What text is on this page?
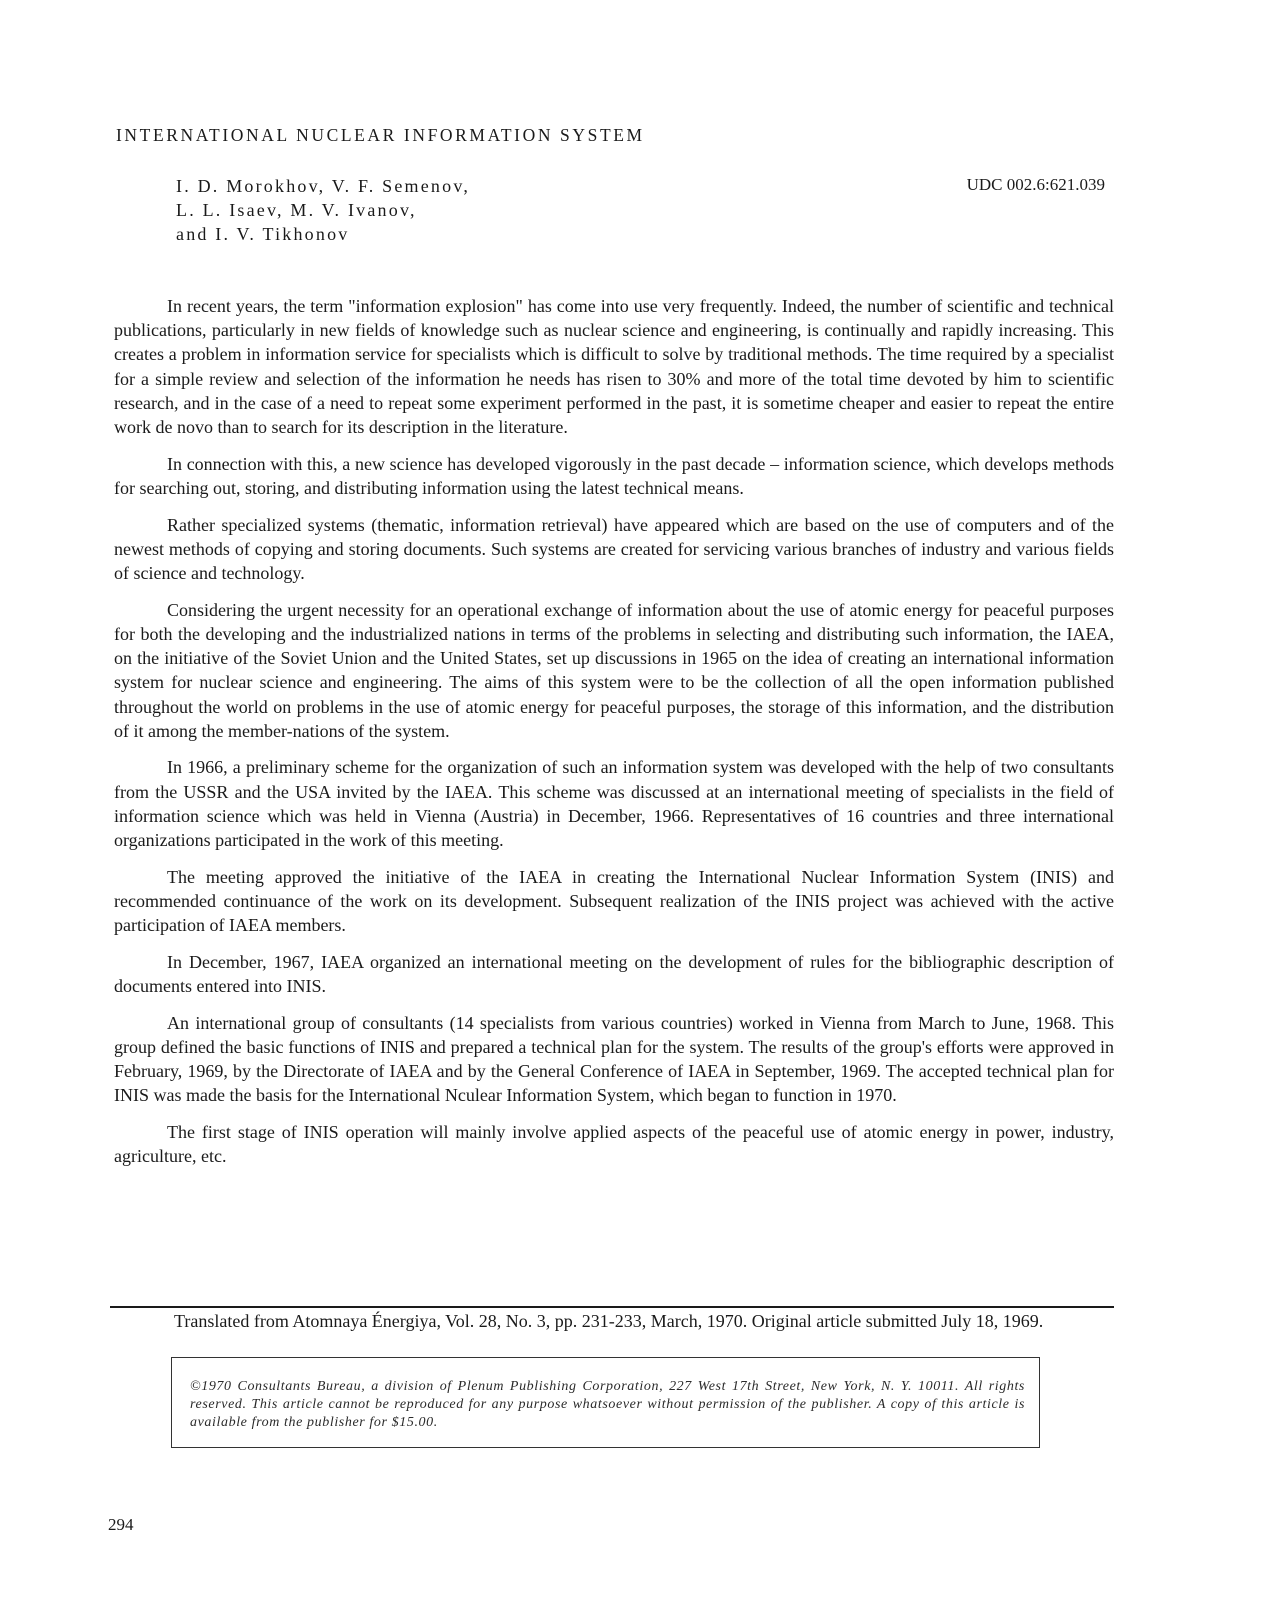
INTERNATIONAL NUCLEAR INFORMATION SYSTEM
I. D. Morokhov, V. F. Semenov,
L. L. Isaev, M. V. Ivanov,
and I. V. Tikhonov
UDC 002.6:621.039

In recent years, the term "information explosion" has come into use very frequently. Indeed, the number of scientific and technical publications, particularly in new fields of knowledge such as nuclear science and engineering, is continually and rapidly increasing. This creates a problem in information service for specialists which is difficult to solve by traditional methods. The time required by a specialist for a simple review and selection of the information he needs has risen to 30% and more of the total time devoted by him to scientific research, and in the case of a need to repeat some experiment performed in the past, it is sometime cheaper and easier to repeat the entire work de novo than to search for its description in the literature.

In connection with this, a new science has developed vigorously in the past decade – information science, which develops methods for searching out, storing, and distributing information using the latest technical means.

Rather specialized systems (thematic, information retrieval) have appeared which are based on the use of computers and of the newest methods of copying and storing documents. Such systems are created for servicing various branches of industry and various fields of science and technology.

Considering the urgent necessity for an operational exchange of information about the use of atomic energy for peaceful purposes for both the developing and the industrialized nations in terms of the problems in selecting and distributing such information, the IAEA, on the initiative of the Soviet Union and the United States, set up discussions in 1965 on the idea of creating an international information system for nuclear science and engineering. The aims of this system were to be the collection of all the open information published throughout the world on problems in the use of atomic energy for peaceful purposes, the storage of this information, and the distribution of it among the member-nations of the system.

In 1966, a preliminary scheme for the organization of such an information system was developed with the help of two consultants from the USSR and the USA invited by the IAEA. This scheme was discussed at an international meeting of specialists in the field of information science which was held in Vienna (Austria) in December, 1966. Representatives of 16 countries and three international organizations participated in the work of this meeting.

The meeting approved the initiative of the IAEA in creating the International Nuclear Information System (INIS) and recommended continuance of the work on its development. Subsequent realization of the INIS project was achieved with the active participation of IAEA members.

In December, 1967, IAEA organized an international meeting on the development of rules for the bibliographic description of documents entered into INIS.

An international group of consultants (14 specialists from various countries) worked in Vienna from March to June, 1968. This group defined the basic functions of INIS and prepared a technical plan for the system. The results of the group's efforts were approved in February, 1969, by the Directorate of IAEA and by the General Conference of IAEA in September, 1969. The accepted technical plan for INIS was made the basis for the International Nculear Information System, which began to function in 1970.

The first stage of INIS operation will mainly involve applied aspects of the peaceful use of atomic energy in power, industry, agriculture, etc.

Translated from Atomnaya Énergiya, Vol. 28, No. 3, pp. 231-233, March, 1970. Original article submitted July 18, 1969.
©1970 Consultants Bureau, a division of Plenum Publishing Corporation, 227 West 17th Street, New York, N. Y. 10011. All rights reserved. This article cannot be reproduced for any purpose whatsoever without permission of the publisher. A copy of this article is available from the publisher for $15.00.
294
